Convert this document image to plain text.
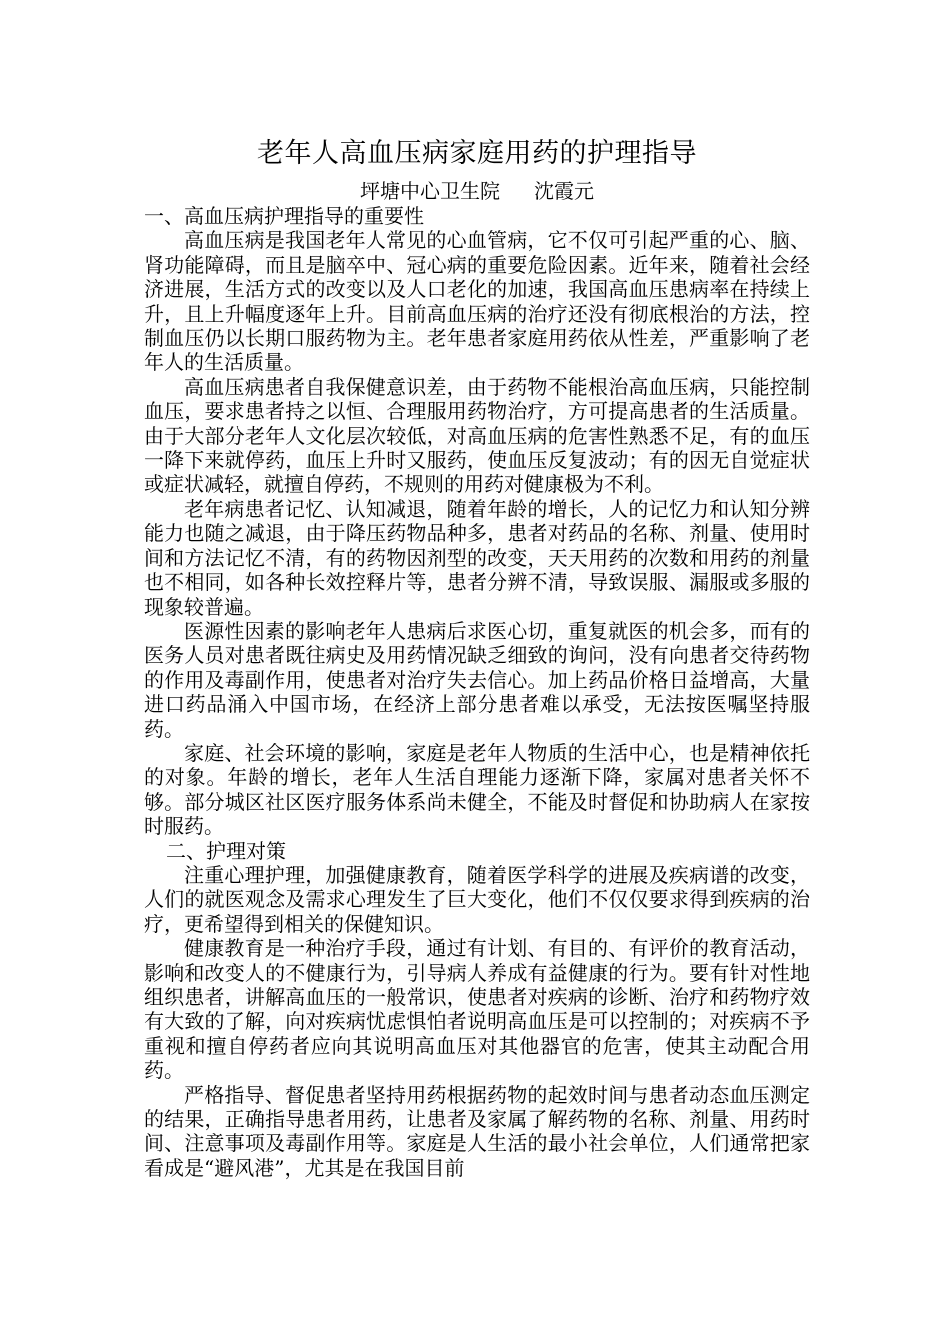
老年人高血压病家庭用药的护理指导
坪塘中心卫生院 沈霞元

一、高血压病护理指导的重要性

高血压病是我国老年人常见的心血管病，它不仅可引起严重的心、脑、肾功能障碍，而且是脑卒中、冠心病的重要危险因素。近年来，随着社会经济进展，生活方式的改变以及人口老化的加速，我国高血压患病率在持续上升，且上升幅度逐年上升。目前高血压病的治疗还没有彻底根治的方法，控制血压仍以长期口服药物为主。老年患者家庭用药依从性差，严重影响了老年人的生活质量。

高血压病患者自我保健意识差，由于药物不能根治高血压病，只能控制血压，要求患者持之以恒、合理服用药物治疗，方可提高患者的生活质量。由于大部分老年人文化层次较低，对高血压病的危害性熟悉不足，有的血压一降下来就停药，血压上升时又服药，使血压反复波动；有的因无自觉症状或症状减轻，就擅自停药，不规则的用药对健康极为不利。

老年病患者记忆、认知减退，随着年龄的增长，人的记忆力和认知分辨能力也随之减退，由于降压药物品种多，患者对药品的名称、剂量、使用时间和方法记忆不清，有的药物因剂型的改变，天天用药的次数和用药的剂量也不相同，如各种长效控释片等，患者分辨不清，导致误服、漏服或多服的现象较普遍。

医源性因素的影响老年人患病后求医心切，重复就医的机会多，而有的医务人员对患者既往病史及用药情况缺乏细致的询问，没有向患者交待药物的作用及毒副作用，使患者对治疗失去信心。加上药品价格日益增高，大量进口药品涌入中国市场，在经济上部分患者难以承受，无法按医嘱坚持服药。

家庭、社会环境的影响，家庭是老年人物质的生活中心，也是精神依托的对象。年龄的增长，老年人生活自理能力逐渐下降，家属对患者关怀不够。部分城区社区医疗服务体系尚未健全，不能及时督促和协助病人在家按时服药。

二、护理对策

注重心理护理，加强健康教育，随着医学科学的进展及疾病谱的改变，人们的就医观念及需求心理发生了巨大变化，他们不仅仅要求得到疾病的治疗，更希望得到相关的保健知识。

健康教育是一种治疗手段，通过有计划、有目的、有评价的教育活动，影响和改变人的不健康行为，引导病人养成有益健康的行为。要有针对性地组织患者，讲解高血压的一般常识，使患者对疾病的诊断、治疗和药物疗效有大致的了解，向对疾病忧虑惧怕者说明高血压是可以控制的；对疾病不予重视和擅自停药者应向其说明高血压对其他器官的危害，使其主动配合用药。

严格指导、督促患者坚持用药根据药物的起效时间与患者动态血压测定的结果，正确指导患者用药，让患者及家属了解药物的名称、剂量、用药时间、注意事项及毒副作用等。家庭是人生活的最小社会单位，人们通常把家看成是“避风港”，尤其是在我国目前
